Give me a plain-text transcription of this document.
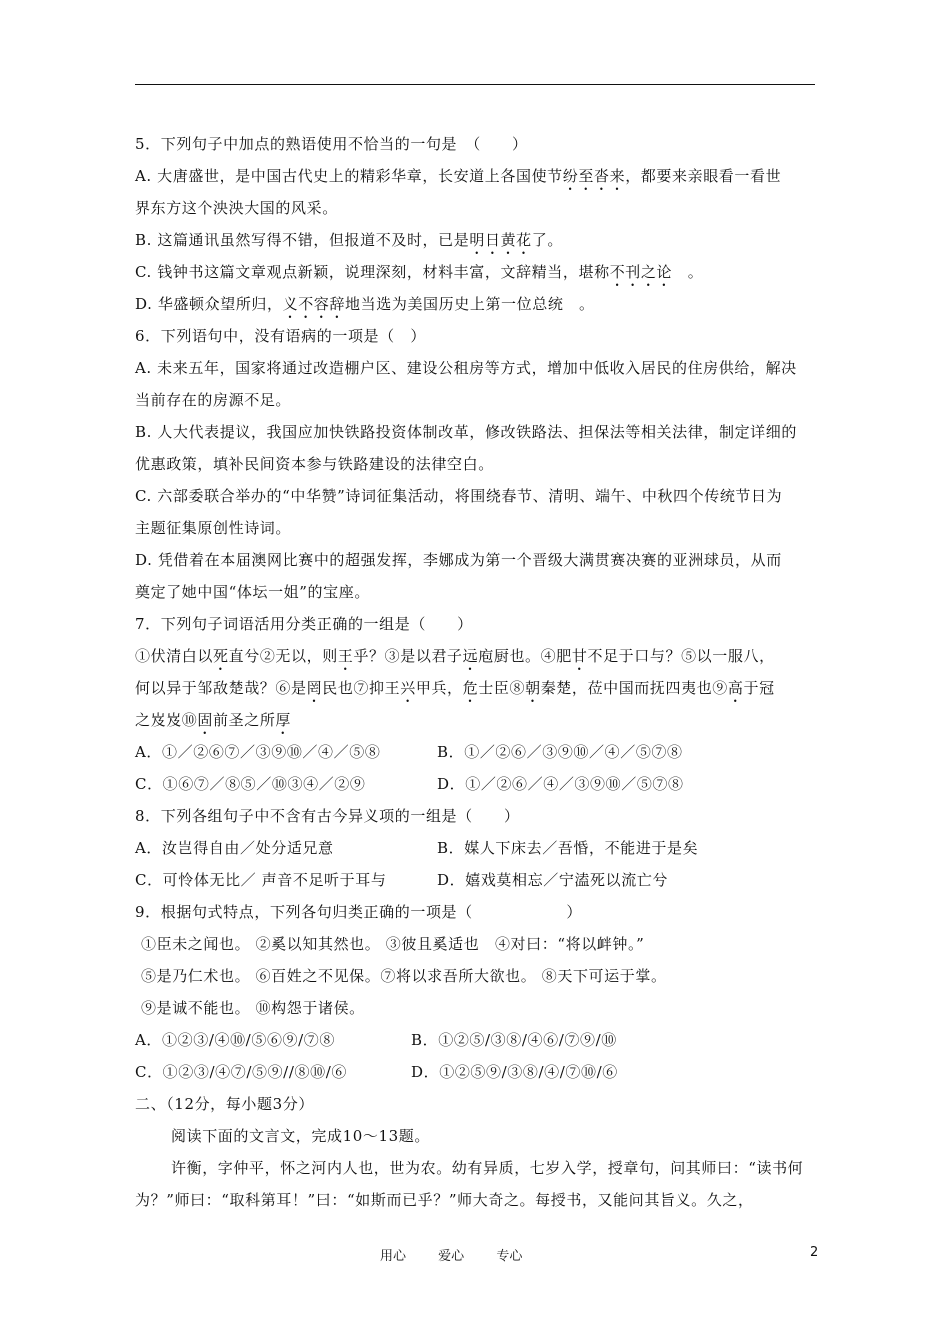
5．下列句子中加点的熟语使用不恰当的一句是　（　　）
A. 大唐盛世，是中国古代史上的精彩华章，长安道上各国使节纷至沓来，都要来亲眼看一看世
界东方这个泱泱大国的风采。
B. 这篇通讯虽然写得不错，但报道不及时，已是明日黄花了。
C. 钱钟书这篇文章观点新颖，说理深刻，材料丰富，文辞精当，堪称不刊之论　。
D. 华盛顿众望所归，义不容辞地当选为美国历史上第一位总统　。
6．下列语句中，没有语病的一项是（　）
A. 未来五年，国家将通过改造棚户区、建设公租房等方式，增加中低收入居民的住房供给，解决
当前存在的房源不足。
B. 人大代表提议，我国应加快铁路投资体制改革，修改铁路法、担保法等相关法律，制定详细的
优惠政策，填补民间资本参与铁路建设的法律空白。
C. 六部委联合举办的“中华赞”诗词征集活动，将围绕春节、清明、端午、中秋四个传统节日为
主题征集原创性诗词。
D. 凭借着在本届澳网比赛中的超强发挥，李娜成为第一个晋级大满贯赛决赛的亚洲球员，从而
奠定了她中国“体坛一姐”的宝座。
7．下列句子词语活用分类正确的一组是（　　）
①伏清白以死直兮②无以，则王乎？③是以君子远庖厨也。④肥甘不足于口与？⑤以一服八，
何以异于邹敌楚哉？⑥是罔民也⑦抑王兴甲兵，危士臣⑧朝秦楚，莅中国而抚四夷也⑨高于冠
之岌岌⑩固前圣之所厚
A．①／②⑥⑦／③⑨⑩／④／⑤⑧	B．①／②⑥／③⑨⑩／④／⑤⑦⑧
C．①⑥⑦／⑧⑤／⑩③④／②⑨	D．①／②⑥／④／③⑨⑩／⑤⑦⑧
8．下列各组句子中不含有古今异义项的一组是（　　）
A．汝岂得自由／处分适兄意	B．媒人下床去／吾惛，不能进于是矣
C．可怜体无比／ 声音不足听于耳与	D．嬉戏莫相忘／宁溘死以流亡兮
9．根据句式特点，下列各句归类正确的一项是（　　　　　　）
①臣未之闻也。 ②奚以知其然也。 ③彼且奚适也　④对曰：“将以衅钟。”
⑤是乃仁术也。 ⑥百姓之不见保。⑦将以求吾所大欲也。 ⑧天下可运于掌。
⑨是诚不能也。 ⑩构怨于诸侯。
A．①②③/④⑩/⑤⑥⑨/⑦⑧	B．①②⑤/③⑧/④⑥/⑦⑨/⑩
C．①②③/④⑦/⑤⑨//⑧⑩/⑥	D．①②⑤⑨/③⑧/④/⑦⑩/⑥
二、（12分，每小题3分）
阅读下面的文言文，完成10～13题。
许衡，字仲平，怀之河内人也，世为农。幼有异质，七岁入学，授章句，问其师曰：“读书何
为？”师曰：“取科第耳！”曰：“如斯而已乎？”师大奇之。每授书，又能问其旨义。久之，
用心 爱心 专心	2
